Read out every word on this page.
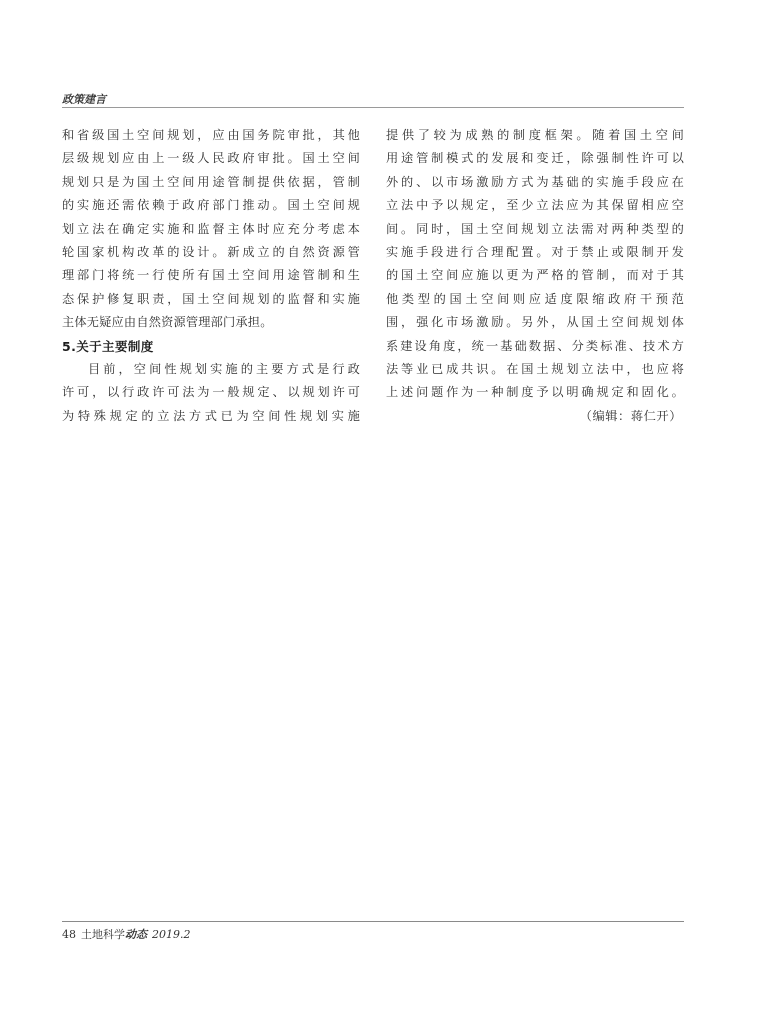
政策建言
和省级国土空间规划，应由国务院审批，其他
层级规划应由上一级人民政府审批。国土空间
规划只是为国土空间用途管制提供依据，管制
的实施还需依赖于政府部门推动。国土空间规
划立法在确定实施和监督主体时应充分考虑本
轮国家机构改革的设计。新成立的自然资源管
理部门将统一行使所有国土空间用途管制和生
态保护修复职责，国土空间规划的监督和实施
主体无疑应由自然资源管理部门承担。
5.关于主要制度
目前，空间性规划实施的主要方式是行政
许可，以行政许可法为一般规定、以规划许可
为特殊规定的立法方式已为空间性规划实施
提供了较为成熟的制度框架。随着国土空间
用途管制模式的发展和变迁，除强制性许可以
外的、以市场激励方式为基础的实施手段应在
立法中予以规定，至少立法应为其保留相应空
间。同时，国土空间规划立法需对两种类型的
实施手段进行合理配置。对于禁止或限制开发
的国土空间应施以更为严格的管制，而对于其
他类型的国土空间则应适度限缩政府干预范
围，强化市场激励。另外，从国土空间规划体
系建设角度，统一基础数据、分类标准、技术方
法等业已成共识。在国土规划立法中，也应将
上述问题作为一种制度予以明确规定和固化。
（编辑：蒋仁开）
48 土地科学动态 2019.2
